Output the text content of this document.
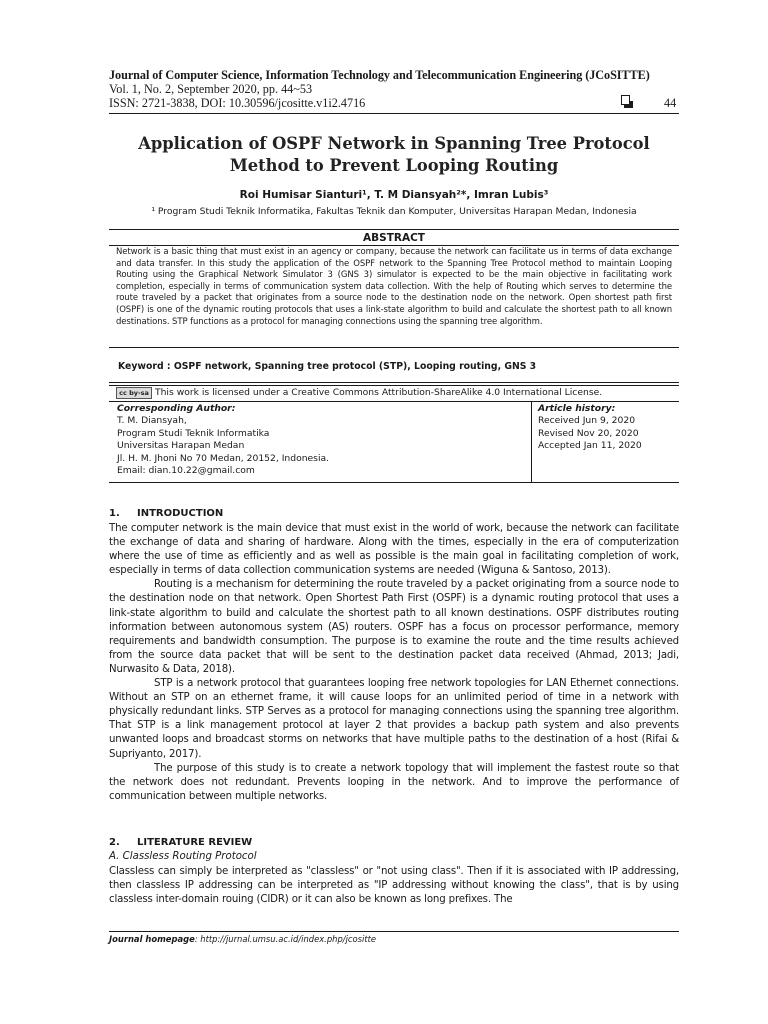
Journal of Computer Science, Information Technology and Telecommunication Engineering (JCoSITTE)
Vol. 1, No. 2, September 2020, pp. 44~53
ISSN: 2721-3838, DOI: 10.30596/jcositte.v1i2.4716	44
Application of OSPF Network in Spanning Tree Protocol Method to Prevent Looping Routing
Roi Humisar Sianturi¹, T. M Diansyah²*, Imran Lubis³
¹ Program Studi Teknik Informatika, Fakultas Teknik dan Komputer, Universitas Harapan Medan, Indonesia
ABSTRACT
Network is a basic thing that must exist in an agency or company, because the network can facilitate us in terms of data exchange and data transfer. In this study the application of the OSPF network to the Spanning Tree Protocol method to maintain Looping Routing using the Graphical Network Simulator 3 (GNS 3) simulator is expected to be the main objective in facilitating work completion, especially in terms of communication system data collection. With the help of Routing which serves to determine the route traveled by a packet that originates from a source node to the destination node on the network. Open shortest path first (OSPF) is one of the dynamic routing protocols that uses a link-state algorithm to build and calculate the shortest path to all known destinations. STP functions as a protocol for managing connections using the spanning tree algorithm.
Keyword : OSPF network, Spanning tree protocol (STP), Looping routing, GNS 3
cc by-sa This work is licensed under a Creative Commons Attribution-ShareAlike 4.0 International License.
Corresponding Author:
T. M. Diansyah,
Program Studi Teknik Informatika
Universitas Harapan Medan
Jl. H. M. Jhoni No 70 Medan, 20152, Indonesia.
Email: dian.10.22@gmail.com
Article history:
Received Jun 9, 2020
Revised Nov 20, 2020
Accepted Jan 11, 2020
1. INTRODUCTION

The computer network is the main device that must exist in the world of work, because the network can facilitate the exchange of data and sharing of hardware. Along with the times, especially in the era of computerization where the use of time as efficiently and as well as possible is the main goal in facilitating completion of work, especially in terms of data collection communication systems are needed (Wiguna & Santoso, 2013).

Routing is a mechanism for determining the route traveled by a packet originating from a source node to the destination node on that network. Open Shortest Path First (OSPF) is a dynamic routing protocol that uses a link-state algorithm to build and calculate the shortest path to all known destinations. OSPF distributes routing information between autonomous system (AS) routers. OSPF has a focus on processor performance, memory requirements and bandwidth consumption. The purpose is to examine the route and the time results achieved from the source data packet that will be sent to the destination packet data received (Ahmad, 2013; Jadi, Nurwasito & Data, 2018).

STP is a network protocol that guarantees looping free network topologies for LAN Ethernet connections. Without an STP on an ethernet frame, it will cause loops for an unlimited period of time in a network with physically redundant links. STP Serves as a protocol for managing connections using the spanning tree algorithm. That STP is a link management protocol at layer 2 that provides a backup path system and also prevents unwanted loops and broadcast storms on networks that have multiple paths to the destination of a host (Rifai & Supriyanto, 2017).

The purpose of this study is to create a network topology that will implement the fastest route so that the network does not redundant. Prevents looping in the network. And to improve the performance of communication between multiple networks.

2. LITERATURE REVIEW
A. Classless Routing Protocol

Classless can simply be interpreted as "classless" or "not using class". Then if it is associated with IP addressing, then classless IP addressing can be interpreted as "IP addressing without knowing the class", that is by using classless inter-domain rouing (CIDR) or it can also be known as long prefixes. The

Journal homepage: http://jurnal.umsu.ac.id/index.php/jcositte
